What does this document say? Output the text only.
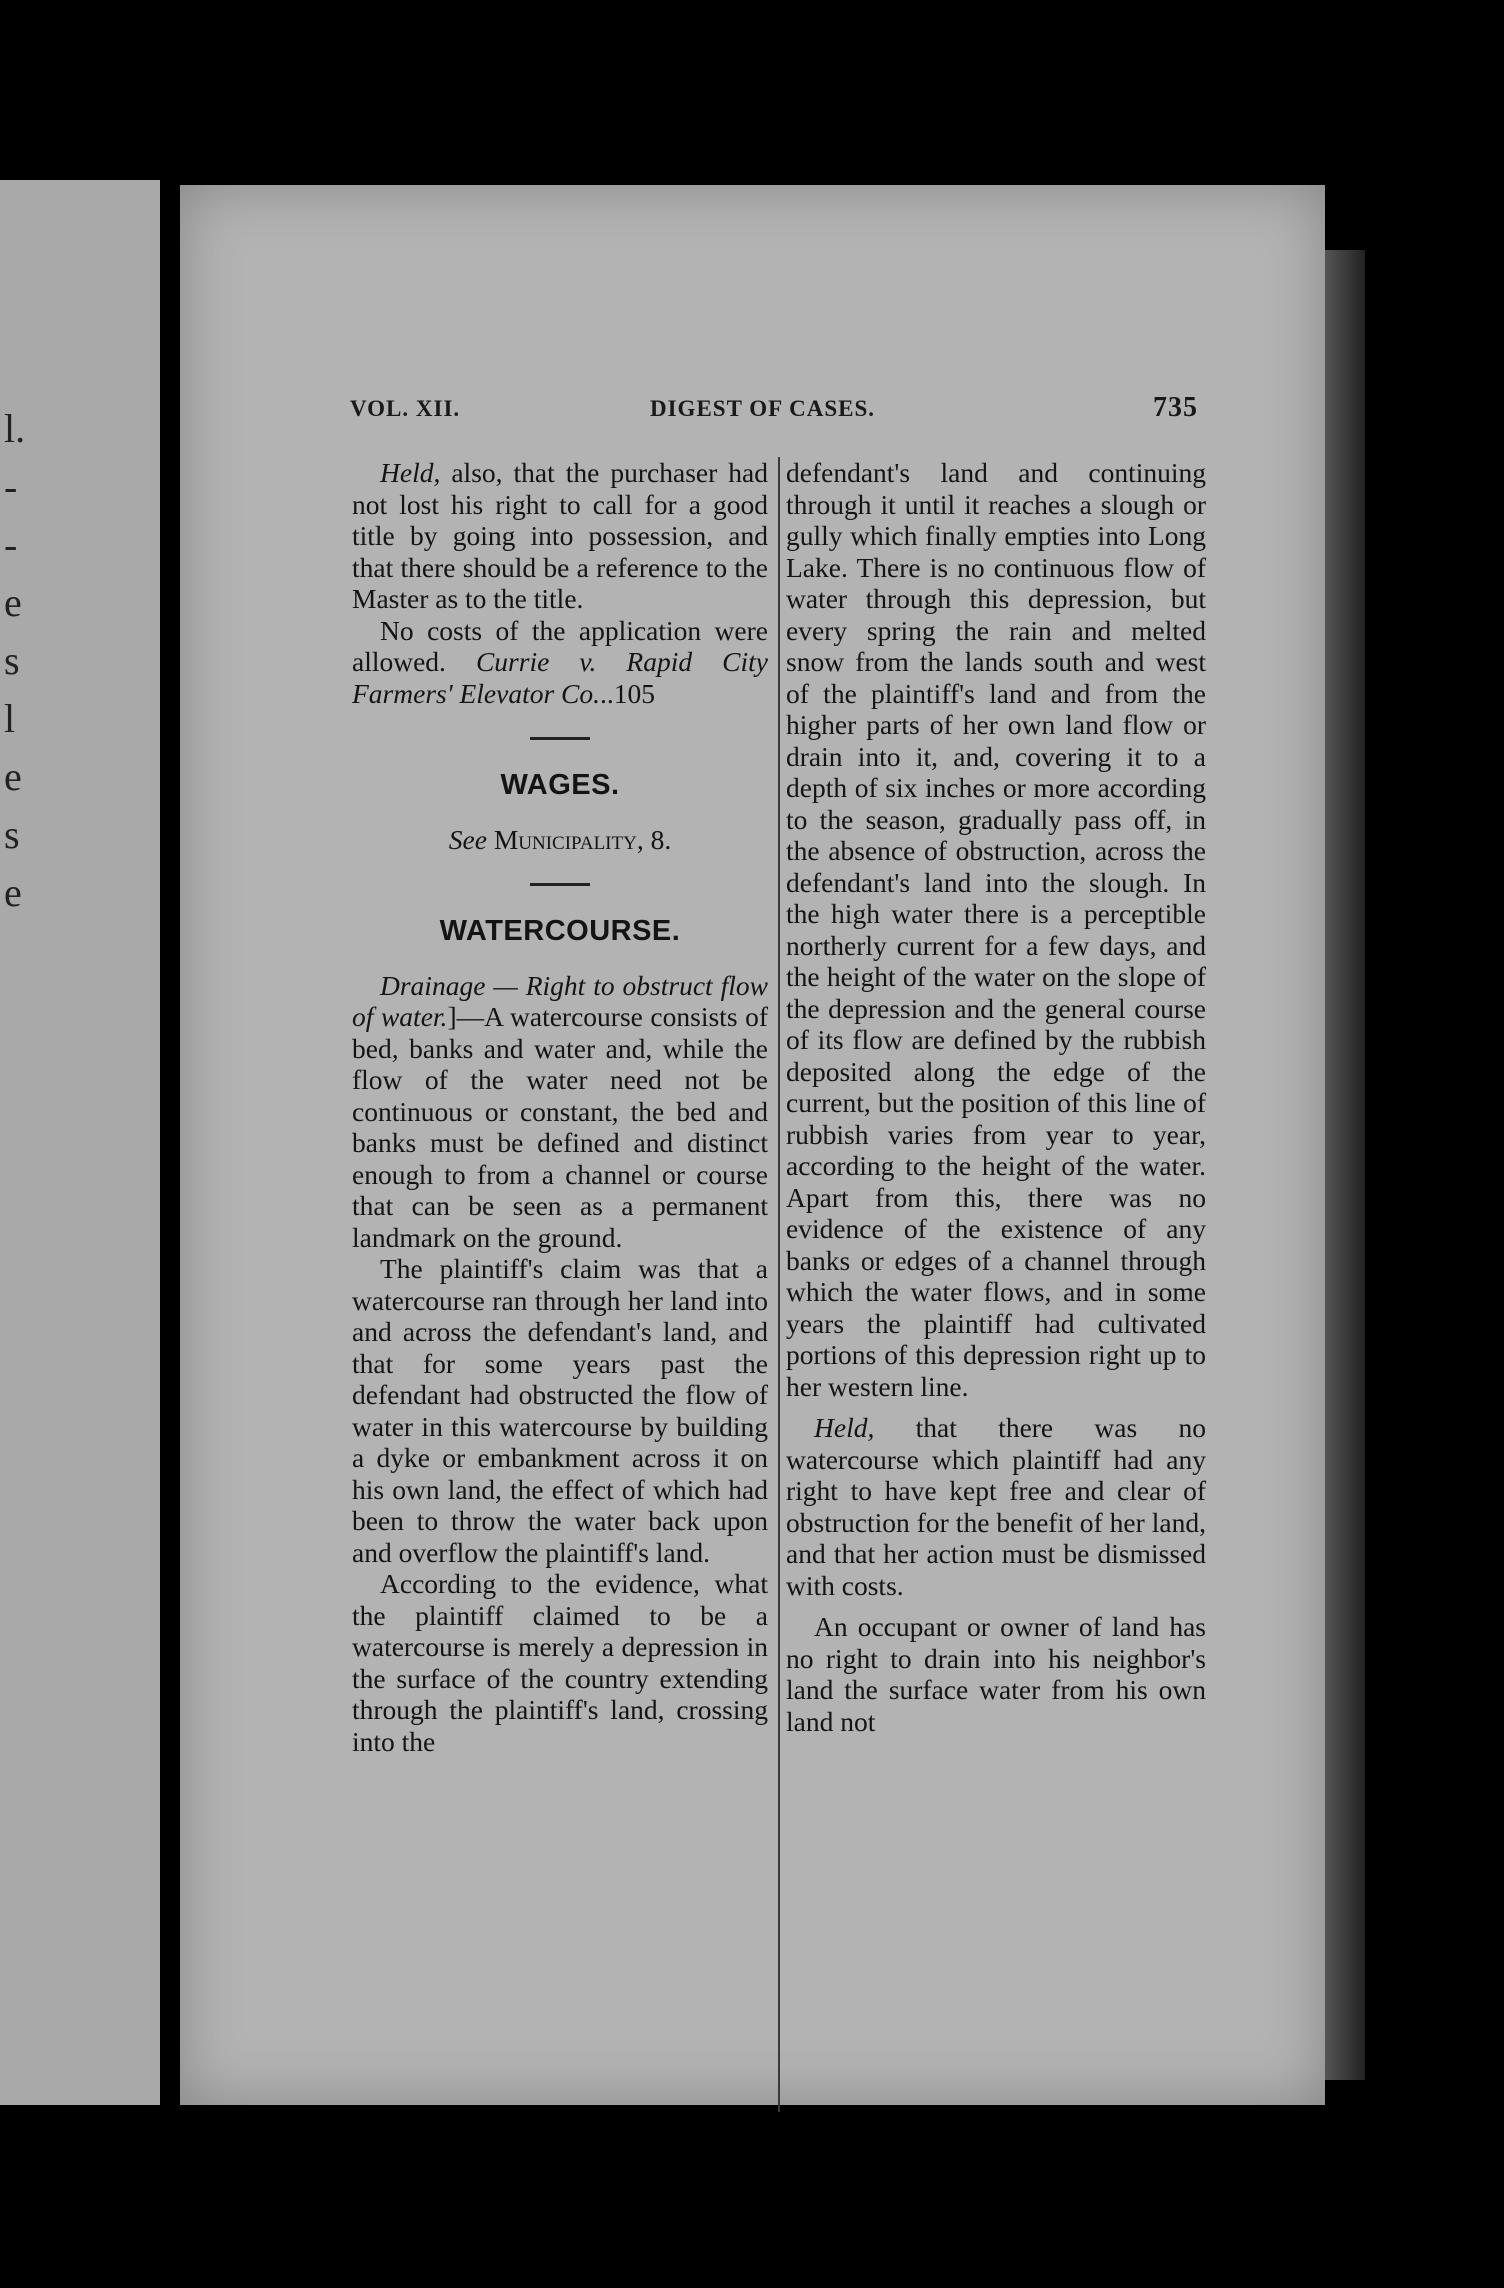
l.
-
-
e
s
l
e
s
e
VOL. XII.	DIGEST OF CASES.	735

Held, also, that the purchaser had not lost his right to call for a good title by going into possession, and that there should be a reference to the Master as to the title.

No costs of the application were allowed. Currie v. Rapid City Farmers' Elevator Co...105

WAGES.

See Municipality, 8.

WATERCOURSE.

Drainage — Right to obstruct flow of water.]—A watercourse consists of bed, banks and water and, while the flow of the water need not be continuous or constant, the bed and banks must be defined and distinct enough to from a channel or course that can be seen as a permanent landmark on the ground.

The plaintiff's claim was that a watercourse ran through her land into and across the defendant's land, and that for some years past the defendant had obstructed the flow of water in this watercourse by building a dyke or embankment across it on his own land, the effect of which had been to throw the water back upon and overflow the plaintiff's land.

According to the evidence, what the plaintiff claimed to be a watercourse is merely a depression in the surface of the country extending through the plaintiff's land, crossing into the

defendant's land and continuing through it until it reaches a slough or gully which finally empties into Long Lake. There is no continuous flow of water through this depression, but every spring the rain and melted snow from the lands south and west of the plaintiff's land and from the higher parts of her own land flow or drain into it, and, covering it to a depth of six inches or more according to the season, gradually pass off, in the absence of obstruction, across the defendant's land into the slough. In the high water there is a perceptible northerly current for a few days, and the height of the water on the slope of the depression and the general course of its flow are defined by the rubbish deposited along the edge of the current, but the position of this line of rubbish varies from year to year, according to the height of the water. Apart from this, there was no evidence of the existence of any banks or edges of a channel through which the water flows, and in some years the plaintiff had cultivated portions of this depression right up to her western line.

Held, that there was no watercourse which plaintiff had any right to have kept free and clear of obstruction for the benefit of her land, and that her action must be dismissed with costs.

An occupant or owner of land has no right to drain into his neighbor's land the surface water from his own land not
